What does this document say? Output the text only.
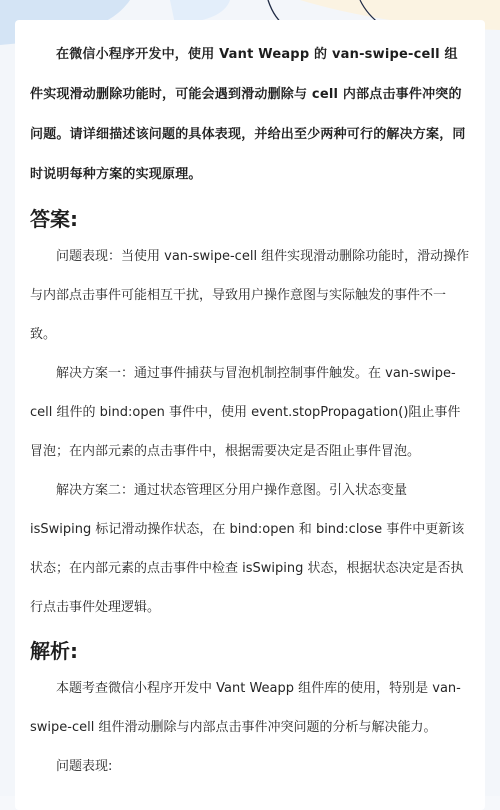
在微信小程序开发中，使用 Vant Weapp 的 van-swipe-cell 组件实现滑动删除功能时，可能会遇到滑动删除与 cell 内部点击事件冲突的问题。请详细描述该问题的具体表现，并给出至少两种可行的解决方案，同时说明每种方案的实现原理。

答案:

问题表现：当使用 van-swipe-cell 组件实现滑动删除功能时，滑动操作与内部点击事件可能相互干扰，导致用户操作意图与实际触发的事件不一致。

解决方案一：通过事件捕获与冒泡机制控制事件触发。在 van-swipe-cell 组件的 bind:open 事件中，使用 event.stopPropagation()阻止事件冒泡；在内部元素的点击事件中，根据需要决定是否阻止事件冒泡。

解决方案二：通过状态管理区分用户操作意图。引入状态变量 isSwiping 标记滑动操作状态，在 bind:open 和 bind:close 事件中更新该状态；在内部元素的点击事件中检查 isSwiping 状态，根据状态决定是否执行点击事件处理逻辑。

解析:

本题考查微信小程序开发中 Vant Weapp 组件库的使用，特别是 van-swipe-cell 组件滑动删除与内部点击事件冲突问题的分析与解决能力。

问题表现:
